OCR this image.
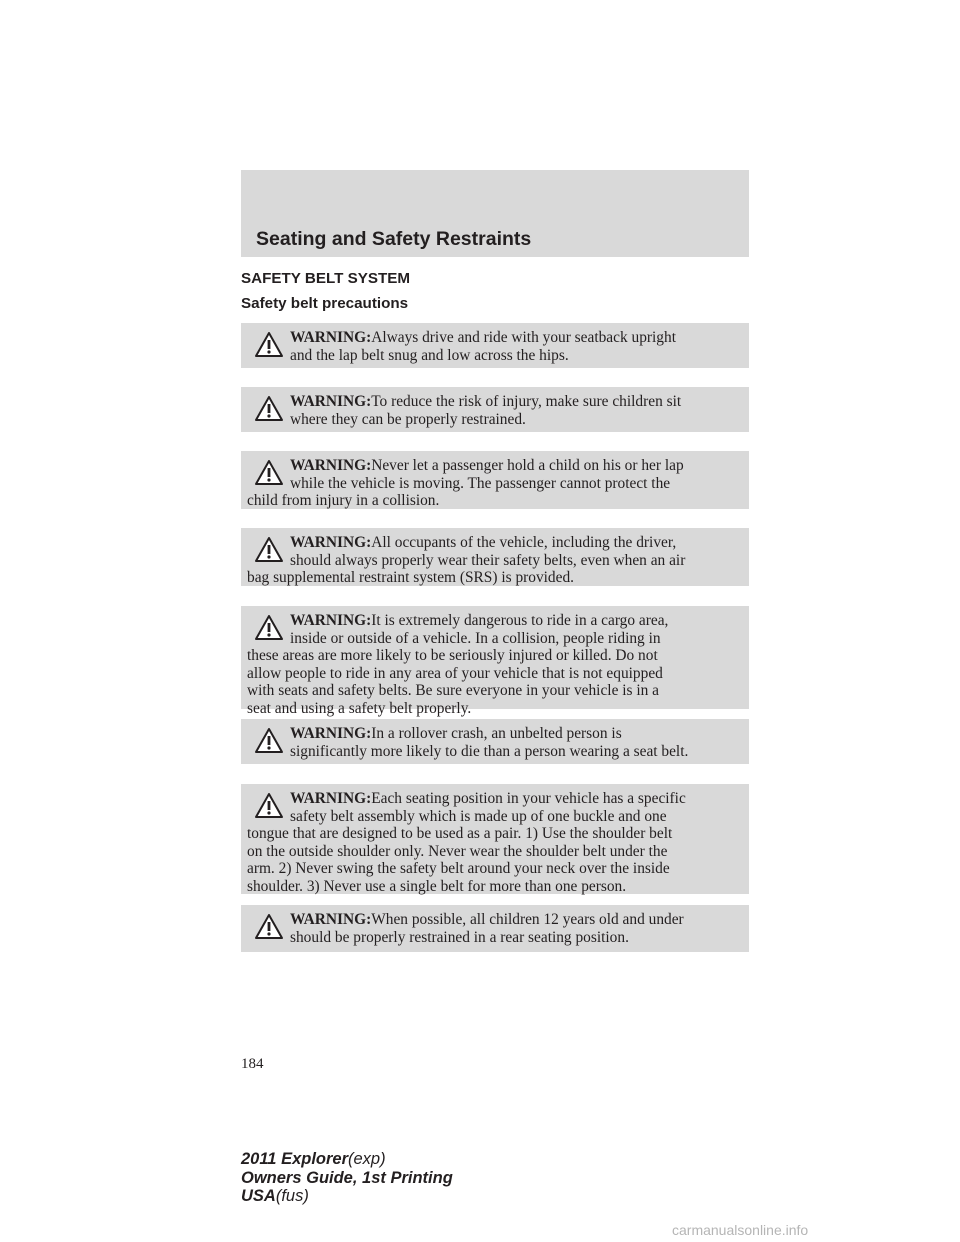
Seating and Safety Restraints
SAFETY BELT SYSTEM
Safety belt precautions
WARNING:Always drive and ride with your seatback upright
and the lap belt snug and low across the hips.
WARNING:To reduce the risk of injury, make sure children sit
where they can be properly restrained.
WARNING:Never let a passenger hold a child on his or her lap
while the vehicle is moving. The passenger cannot protect the
child from injury in a collision.
WARNING:All occupants of the vehicle, including the driver,
should always properly wear their safety belts, even when an air
bag supplemental restraint system (SRS) is provided.
WARNING:It is extremely dangerous to ride in a cargo area,
inside or outside of a vehicle. In a collision, people riding in
these areas are more likely to be seriously injured or killed. Do not
allow people to ride in any area of your vehicle that is not equipped
with seats and safety belts. Be sure everyone in your vehicle is in a
seat and using a safety belt properly.
WARNING:In a rollover crash, an unbelted person is
significantly more likely to die than a person wearing a seat belt.
WARNING:Each seating position in your vehicle has a specific
safety belt assembly which is made up of one buckle and one
tongue that are designed to be used as a pair. 1) Use the shoulder belt
on the outside shoulder only. Never wear the shoulder belt under the
arm. 2) Never swing the safety belt around your neck over the inside
shoulder. 3) Never use a single belt for more than one person.
WARNING:When possible, all children 12 years old and under
should be properly restrained in a rear seating position.
184
2011 Explorer(exp)
Owners Guide, 1st Printing
USA(fus)
carmanualsonline.info
